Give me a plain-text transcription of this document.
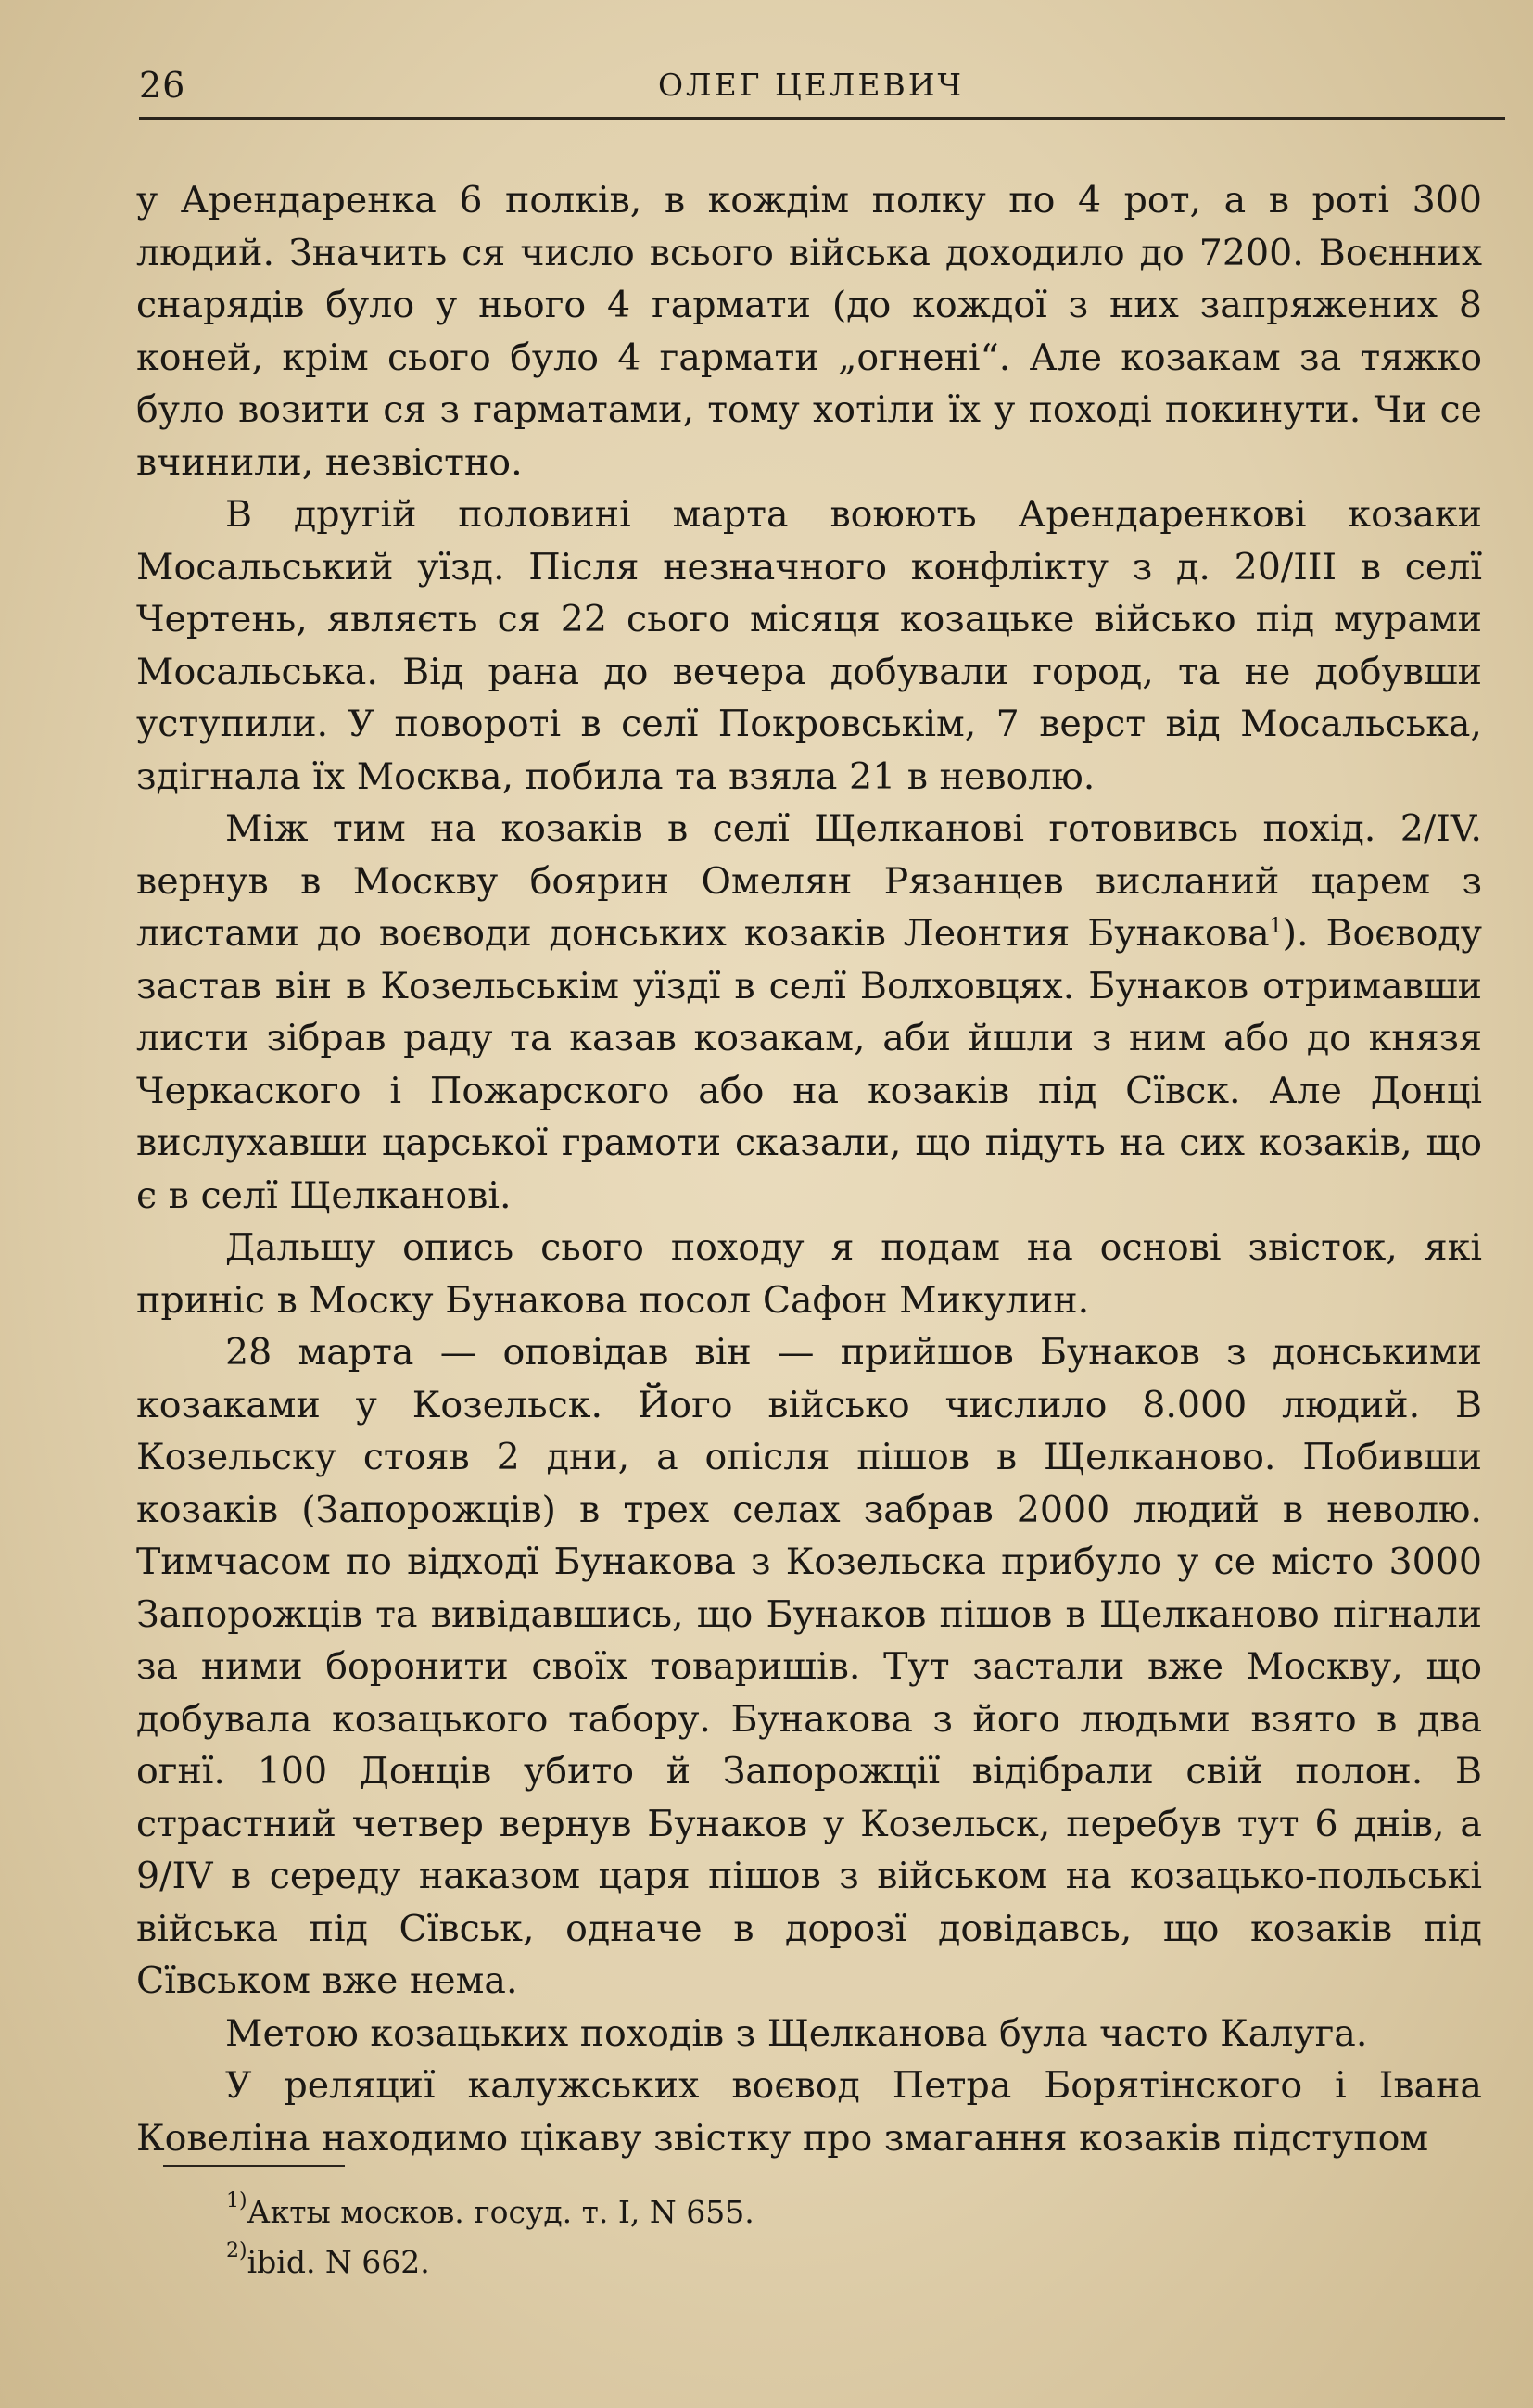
26	ОЛЕГ ЦЕЛЕВИЧ

у Арендаренка 6 полків, в кождім полку по 4 рот, а в роті 300 людий. Значить ся число всього війська доходило до 7200. Воєнних снарядів було у нього 4 гармати (до кождої з них запряжених 8 коней, крім сього було 4 гармати „огнені“. Але козакам за тяжко було возити ся з гарматами, тому хотіли їх у поході покинути. Чи се вчинили, незвістно.

В другій половині марта воюють Арендаренкові козаки Мосальський уїзд. Після незначного конфлікту з д. 20/III в селї Чертень, являєть ся 22 сього місяця козацьке військо під мурами Мосальська. Від рана до вечера добували город, та не добувши уступили. У повороті в селї Покровськім, 7 верст від Мосальська, здігнала їх Москва, побила та взяла 21 в неволю.

Між тим на козаків в селї Щелканові готовивсь похід. 2/IV. вернув в Москву боярин Омелян Рязанцев висланий царем з листами до воєводи донських козаків Леонтия Бунакова$^1$). Воєводу застав він в Козельськім уїздї в селї Волховцях. Бунаков отримавши листи зібрав раду та казав козакам, аби йшли з ним або до князя Черкаского і Пожарского або на козаків під Сївск. Але Донці вислухавши царської грамоти сказали, що підуть на сих козаків, що є в селї Щелканові.

Дальшу опись сього походу я подам на основі звісток, які приніс в Моску Бунакова посол Сафон Микулин.

28 марта — оповідав він — прийшов Бунаков з донськими козаками у Козельск. Його військо числило 8.000 людий. В Козельску стояв 2 дни, а опісля пішов в Щелканово. Побивши козаків (Запорожців) в трех селах забрав 2000 людий в неволю. Тимчасом по відходї Бунакова з Козельска прибуло у се місто 3000 Запорожців та вивідавшись, що Бунаков пішов в Щелканово пігнали за ними боронити своїх товаришів. Тут застали вже Москву, що добувала козацького табору. Бунакова з його людьми взято в два огнї. 100 Донців убито й Запорожції відібрали свій полон. В страстний четвер вернув Бунаков у Козельск, перебув тут 6 днів, а 9/IV в середу наказом царя пішов з військом на козацько-польські війська під Сївськ, одначе в дорозї довідавсь, що козаків під Сївськом вже нема.

Метою козацьких походів з Щелканова була часто Калуга.

У реляциї калужських воєвод Петра Борятінского і Івана Ковеліна находимо цікаву звістку про змагання козаків підступом

1) Акты москов. госуд. т. I, N 655.
2) ibid. N 662.
